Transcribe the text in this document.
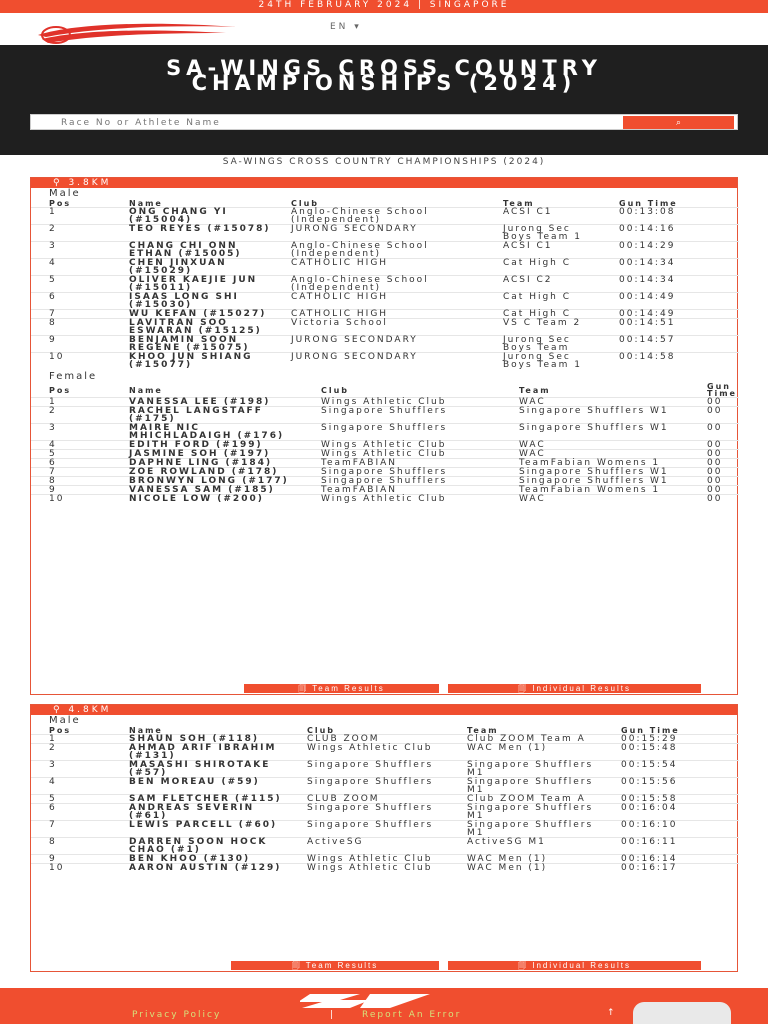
24TH FEBRUARY 2024 | SINGAPORE
EN ▾
SA-WINGS CROSS COUNTRY CHAMPIONSHIPS (2024)
Race No or Athlete Name
⌕
SA-WINGS CROSS COUNTRY CHAMPIONSHIPS (2024)
⚲ 3.8KM
Male
Pos	Name	Club	Team	Gun Time
1	ONG CHANG YI (#15004)	Anglo-Chinese School (Independent)	ACSI C1	00:13:08
2	TEO REYES (#15078)	JURONG SECONDARY	Jurong Sec Boys Team 1	00:14:16
3	CHANG CHI ONN ETHAN (#15005)	Anglo-Chinese School (Independent)	ACSI C1	00:14:29
4	CHEN JINXUAN (#15029)	CATHOLIC HIGH	Cat High C	00:14:34
5	OLIVER KAEJIE JUN (#15011)	Anglo-Chinese School (Independent)	ACSI C2	00:14:34
6	ISAAS LONG SHI (#15030)	CATHOLIC HIGH	Cat High C	00:14:49
7	WU KEFAN (#15027)	CATHOLIC HIGH	Cat High C	00:14:49
8	LAVITRAN SOO ESWARAN (#15125)	Victoria School	VS C Team 2	00:14:51
9	BENJAMIN SOON REGENE (#15075)	JURONG SECONDARY	Jurong Sec Boys Team	00:14:57
10	KHOO JUN SHIANG (#15077)	JURONG SECONDARY	Jurong Sec Boys Team 1	00:14:58
Female
Pos	Name	Club	Team	Gun Time
1	VANESSA LEE (#198)	Wings Athletic Club	WAC	00
2	RACHEL LANGSTAFF (#175)	Singapore Shufflers	Singapore Shufflers W1	00
3	MAIRE NIC MHICHLADAIGH (#176)	Singapore Shufflers	Singapore Shufflers W1	00
4	EDITH FORD (#199)	Wings Athletic Club	WAC	00
5	JASMINE SOH (#197)	Wings Athletic Club	WAC	00
6	DAPHNE LING (#184)	TeamFABIAN	TeamFabian Womens 1	00
7	ZOE ROWLAND (#178)	Singapore Shufflers	Singapore Shufflers W1	00
8	BRONWYN LONG (#177)	Singapore Shufflers	Singapore Shufflers W1	00
9	VANESSA SAM (#185)	TeamFABIAN	TeamFabian Womens 1	00
10	NICOLE LOW (#200)	Wings Athletic Club	WAC	00
🗐 Team Results	🗐 Individual Results
⚲ 4.8KM
Male
Pos	Name	Club	Team	Gun Time
1	SHAUN SOH (#118)	CLUB ZOOM	Club ZOOM Team A	00:15:29
2	AHMAD ARIF IBRAHIM (#131)	Wings Athletic Club	WAC Men (1)	00:15:48
3	MASASHI SHIROTAKE (#57)	Singapore Shufflers	Singapore Shufflers M1	00:15:54
4	BEN MOREAU (#59)	Singapore Shufflers	Singapore Shufflers M1	00:15:56
5	SAM FLETCHER (#115)	CLUB ZOOM	Club ZOOM Team A	00:15:58
6	ANDREAS SEVERIN (#61)	Singapore Shufflers	Singapore Shufflers M1	00:16:04
7	LEWIS PARCELL (#60)	Singapore Shufflers	Singapore Shufflers M1	00:16:10
8	DARREN SOON HOCK CHAO (#1)	ActiveSG	ActiveSG M1	00:16:11
9	BEN KHOO (#130)	Wings Athletic Club	WAC Men (1)	00:16:14
10	AARON AUSTIN (#129)	Wings Athletic Club	WAC Men (1)	00:16:17
🗐 Team Results	🗐 Individual Results
Privacy Policy	|	Report An Error	↑
